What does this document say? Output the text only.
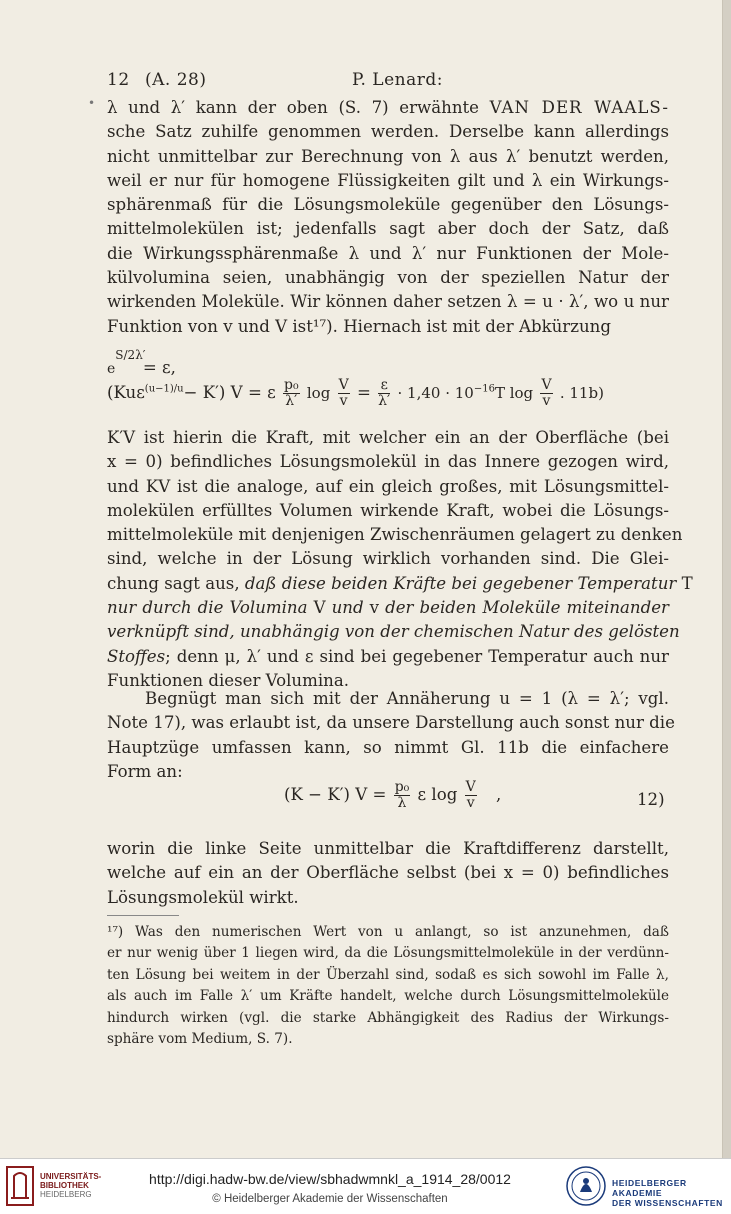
12 (A. 28)	P. Lenard:
• λ und λ′ kann der oben (S. 7) erwähnte VAN DER WAALS-
sche Satz zuhilfe genommen werden. Derselbe kann allerdings
nicht unmittelbar zur Berechnung von λ aus λ′ benutzt werden,
weil er nur für homogene Flüssigkeiten gilt und λ ein Wirkungs-
sphärenmaß für die Lösungsmoleküle gegenüber den Lösungs-
mittelmolekülen ist; jedenfalls sagt aber doch der Satz, daß
die Wirkungssphärenmaße λ und λ′ nur Funktionen der Mole-
külvolumina seien, unabhängig von der speziellen Natur der
wirkenden Moleküle. Wir können daher setzen λ = u · λ′, wo u nur
Funktion von v und V ist¹⁷). Hiernach ist mit der Abkürzung
$_e$S/2λ′ = ε,
(Kuε$^{(u-1)/u}$− K′) V = ε $\frac{\text{p₀}}{\lambda'}$ $\log \frac{V}{v} = \frac{\varepsilon}{\lambda'} \cdot 1,40 \cdot 10^{-16}T$ $\log \frac{V}{v}$ . 11b)
K′V ist hierin die Kraft, mit welcher ein an der Oberfläche (bei
x = 0) befindliches Lösungsmolekül in das Innere gezogen wird,
und KV ist die analoge, auf ein gleich großes, mit Lösungsmittel-
molekülen erfülltes Volumen wirkende Kraft, wobei die Lösungs-
mittelmoleküle mit denjenigen Zwischenräumen gelagert zu denken
sind, welche in der Lösung wirklich vorhanden sind. Die Glei-
chung sagt aus, daß diese beiden Kräfte bei gegebener Temperatur T
nur durch die Volumina V und v der beiden Moleküle miteinander
verknüpft sind, unabhängig von der chemischen Natur des gelösten
Stoffes; denn μ, λ′ und ε sind bei gegebener Temperatur auch nur
Funktionen dieser Volumina.
Begnügt man sich mit der Annäherung u = 1 (λ = λ′; vgl.
Note 17), was erlaubt ist, da unsere Darstellung auch sonst nur die
Hauptzüge umfassen kann, so nimmt Gl. 11b die einfachere
Form an:
(K − K′) $V = \frac{\text{p₀}}{\lambda}$ ε $\log \frac{V}{v}$ ,	12)
worin die linke Seite unmittelbar die Kraftdifferenz darstellt,
welche auf ein an der Oberfläche selbst (bei x = 0) befindliches
Lösungsmolekül wirkt.
¹⁷) Was den numerischen Wert von u anlangt, so ist anzunehmen, daß
er nur wenig über 1 liegen wird, da die Lösungsmittelmoleküle in der verdünn-
ten Lösung bei weitem in der Überzahl sind, sodaß es sich sowohl im Falle λ,
als auch im Falle λ′ um Kräfte handelt, welche durch Lösungsmittelmoleküle
hindurch wirken (vgl. die starke Abhängigkeit des Radius der Wirkungs-
sphäre vom Medium, S. 7).
UNIVERSITÄTS-
BIBLIOTHEK
HEIDELBERG
http://digi.hadw-bw.de/view/sbhadwmnkl_a_1914_28/0012
© Heidelberger Akademie der Wissenschaften
HEIDELBERGER AKADEMIE
DER WISSENSCHAFTEN
